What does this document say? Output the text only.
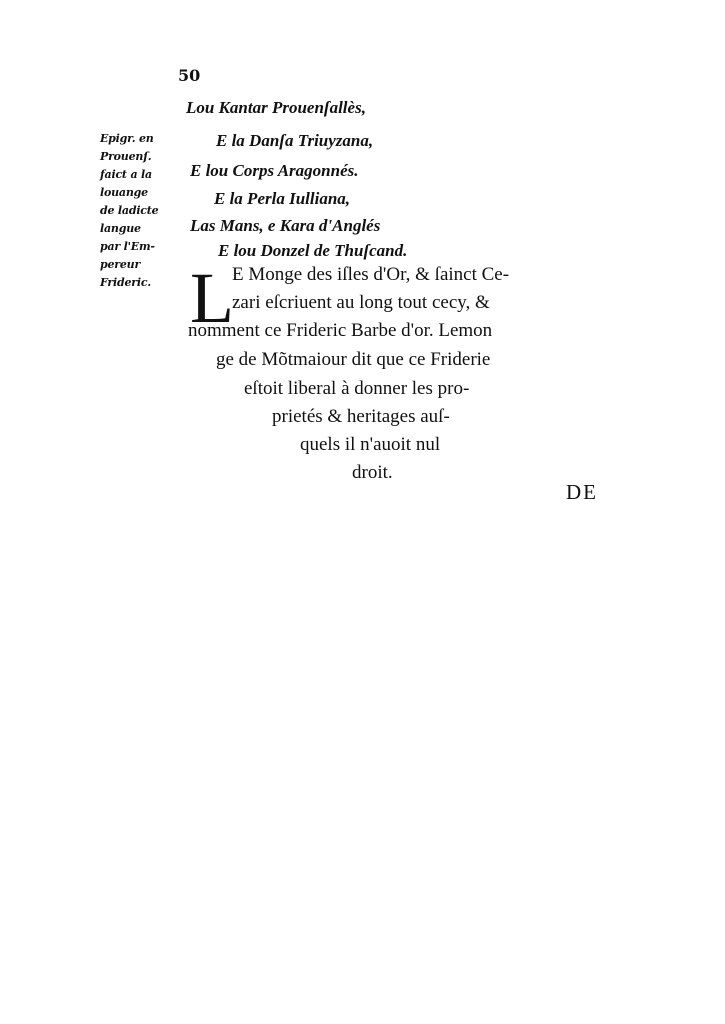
50
Epigr. en
Prouenſ.
faict a la
louange
de ladicte
langue
par l'Em-
pereur
Frideric.
Lou Kantar Prouenſallès,
E la Danſa Triuyzana,
E lou Corps Aragonnés.
E la Perla Iulliana,
Las Mans, e Kara d'Anglés
E lou Donzel de Thuſcand.
L
E Monge des iſles d'Or, & ſainct Ce-
zari eſcriuent au long tout cecy, &
nomment ce Frideric Barbe d'or. Lemon
ge de Mõtmaiour dit que ce Friderie
eſtoit liberal à donner les pro-
prietés & heritages auſ-
quels il n'auoit nul
droit.
DE
